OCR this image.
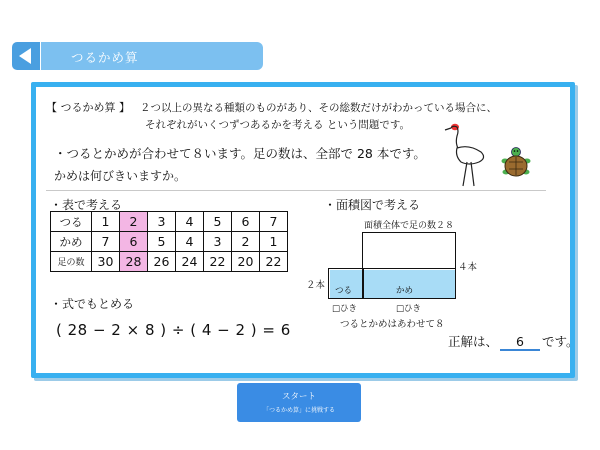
つるかめ算
【 つるかめ算 】 ２つ以上の異なる種類のものがあり、その総数だけがわかっている場合に、
それぞれがいくつずつあるかを考える という問題です。
・つるとかめが合わせて８います。足の数は、全部で 28 本です。
かめは何びきいますか。
・表で考える	・面積図で考える
つる	1	2	3	4	5	6	7
かめ	7	6	5	4	3	2	1
足の数	30	28	26	24	22	20	22
面積全体で足の数２８
つる	かめ
２本
４本
□ひき	□ひき
つるとかめはあわせて８
・式でもとめる
( 28 − 2 × 8 ) ÷ ( 4 − 2 ) = 6
正解は、 6 です。
スタート
「つるかめ算」に挑戦する
